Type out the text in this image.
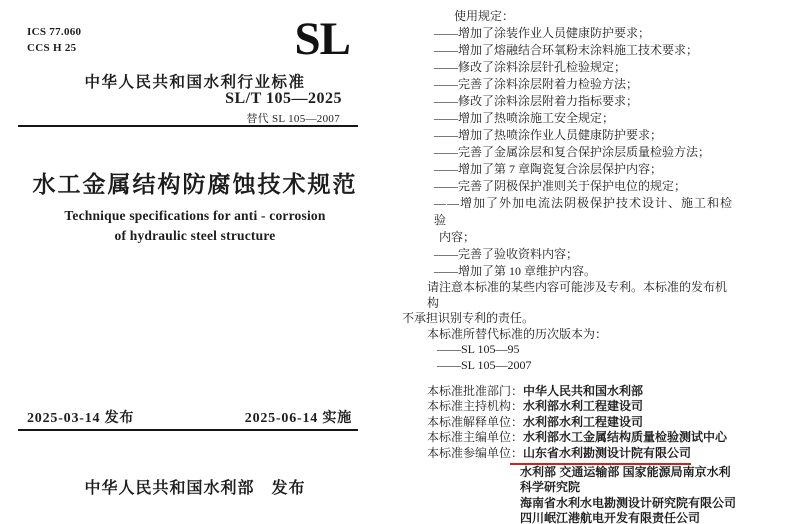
ICS 77.060
CCS H 25	SL
中华人民共和国水利行业标准
SL/T 105—2025
替代 SL 105—2007
水工金属结构防腐蚀技术规范
Technique specifications for anti - corrosion
of hydraulic steel structure
2025-03-14 发布	2025-06-14 实施
中华人民共和国水利部　发布
使用规定：
——增加了涂装作业人员健康防护要求；
——增加了熔融结合环氧粉末涂料施工技术要求；
——修改了涂料涂层针孔检验规定；
——完善了涂料涂层附着力检验方法；
——修改了涂料涂层附着力指标要求；
——增加了热喷涂施工安全规定；
——增加了热喷涂作业人员健康防护要求；
——完善了金属涂层和复合保护涂层质量检验方法；
——增加了第 7 章陶瓷复合涂层保护内容；
——完善了阴极保护准则关于保护电位的规定；
——增加了外加电流法阴极保护技术设计、施工和检验
内容；
——完善了验收资料内容；
——增加了第 10 章维护内容。
请注意本标准的某些内容可能涉及专利。本标准的发布机构
不承担识别专利的责任。
本标准所替代标准的历次版本为：
——SL 105—95
——SL 105—2007
本标准批准部门：中华人民共和国水利部
本标准主持机构：水利部水利工程建设司
本标准解释单位：水利部水利工程建设司
本标准主编单位：水利部水工金属结构质量检验测试中心
本标准参编单位：山东省水利勘测设计院有限公司
水利部 交通运输部 国家能源局南京水利
科学研究院
海南省水利水电勘测设计研究院有限公司
四川岷江港航电开发有限责任公司
